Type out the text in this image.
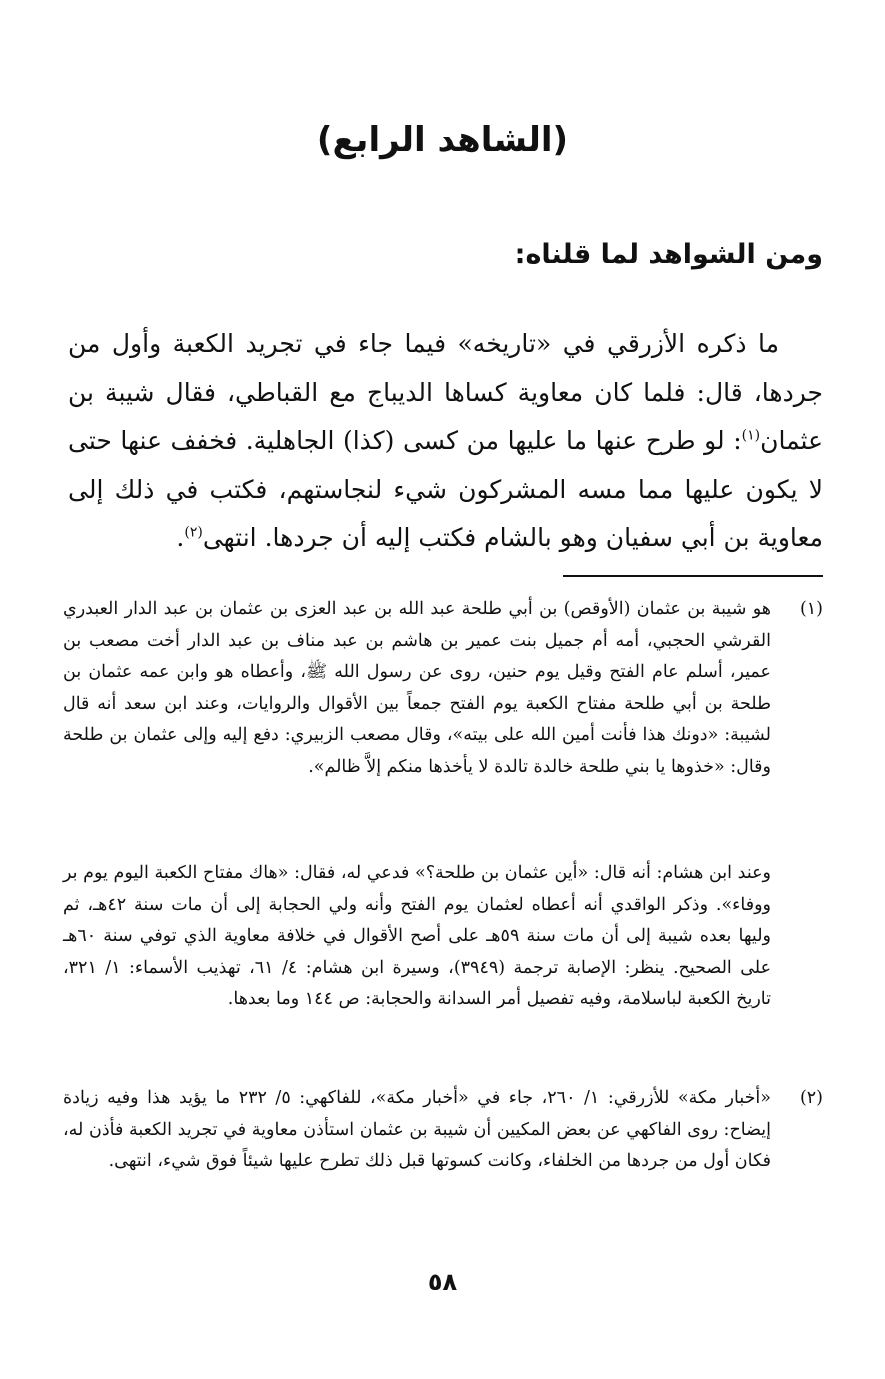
(الشاهد الرابع)
ومن الشواهد لما قلناه:

ما ذكره الأزرقي في «تاريخه» فيما جاء في تجريد الكعبة وأول من جردها، قال: فلما كان معاوية كساها الديباج مع القباطي، فقال شيبة بن عثمان$^{(١)}$: لو طرح عنها ما عليها من كسى (كذا) الجاهلية. فخفف عنها حتى لا يكون عليها مما مسه المشركون شيء لنجاستهم، فكتب في ذلك إلى معاوية بن أبي سفيان وهو بالشام فكتب إليه أن جردها. انتهى$^{(٢)}$.

(١)

هو شيبة بن عثمان (الأوقص) بن أبي طلحة عبد الله بن عبد العزى بن عثمان بن عبد الدار العبدري القرشي الحجبي، أمه أم جميل بنت عمير بن هاشم بن عبد مناف بن عبد الدار أخت مصعب بن عمير، أسلم عام الفتح وقيل يوم حنين، روى عن رسول الله ﷺ، وأعطاه هو وابن عمه عثمان بن طلحة بن أبي طلحة مفتاح الكعبة يوم الفتح جمعاً بين الأقوال والروايات، وعند ابن سعد أنه قال لشيبة: «دونك هذا فأنت أمين الله على بيته»، وقال مصعب الزبيري: دفع إليه وإلى عثمان بن طلحة وقال: «خذوها يا بني طلحة خالدة تالدة لا يأخذها منكم إلاَّ ظالم».

وعند ابن هشام: أنه قال: «أين عثمان بن طلحة؟» فدعي له، فقال: «هاك مفتاح الكعبة اليوم يوم بر ووفاء». وذكر الواقدي أنه أعطاه لعثمان يوم الفتح وأنه ولي الحجابة إلى أن مات سنة ٤٢هـ، ثم وليها بعده شيبة إلى أن مات سنة ٥٩هـ على أصح الأقوال في خلافة معاوية الذي توفي سنة ٦٠هـ على الصحيح. ينظر: الإصابة ترجمة (٣٩٤٩)، وسيرة ابن هشام: ٤/ ٦١، تهذيب الأسماء: ١/ ٣٢١، تاريخ الكعبة لباسلامة، وفيه تفصيل أمر السدانة والحجابة: ص ١٤٤ وما بعدها.

(٢)

«أخبار مكة» للأزرقي: ١/ ٢٦٠، جاء في «أخبار مكة»، للفاكهي: ٥/ ٢٣٢ ما يؤيد هذا وفيه زيادة إيضاح: روى الفاكهي عن بعض المكيين أن شيبة بن عثمان استأذن معاوية في تجريد الكعبة فأذن له، فكان أول من جردها من الخلفاء، وكانت كسوتها قبل ذلك تطرح عليها شيئاً فوق شيء، انتهى.

٥٨
